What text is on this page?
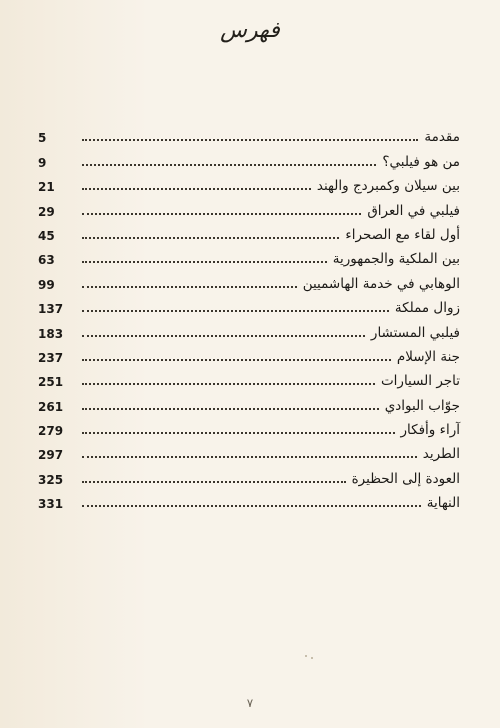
فهرس
5	مقدمة
9	من هو فيلبي؟
21	بين سيلان وكمبردج والهند
29	فيلبي في العراق
45	أول لقاء مع الصحراء
63	بين الملكية والجمهورية
99	الوهابي في خدمة الهاشميين
137	زوال مملكة
183	فيلبي المستشار
237	جنة الإسلام
251	تاجر السيارات
261	جوّاب البوادي
279	آراء وأفكار
297	الطريد
325	العودة إلى الحظيرة
331	النهاية
٧
